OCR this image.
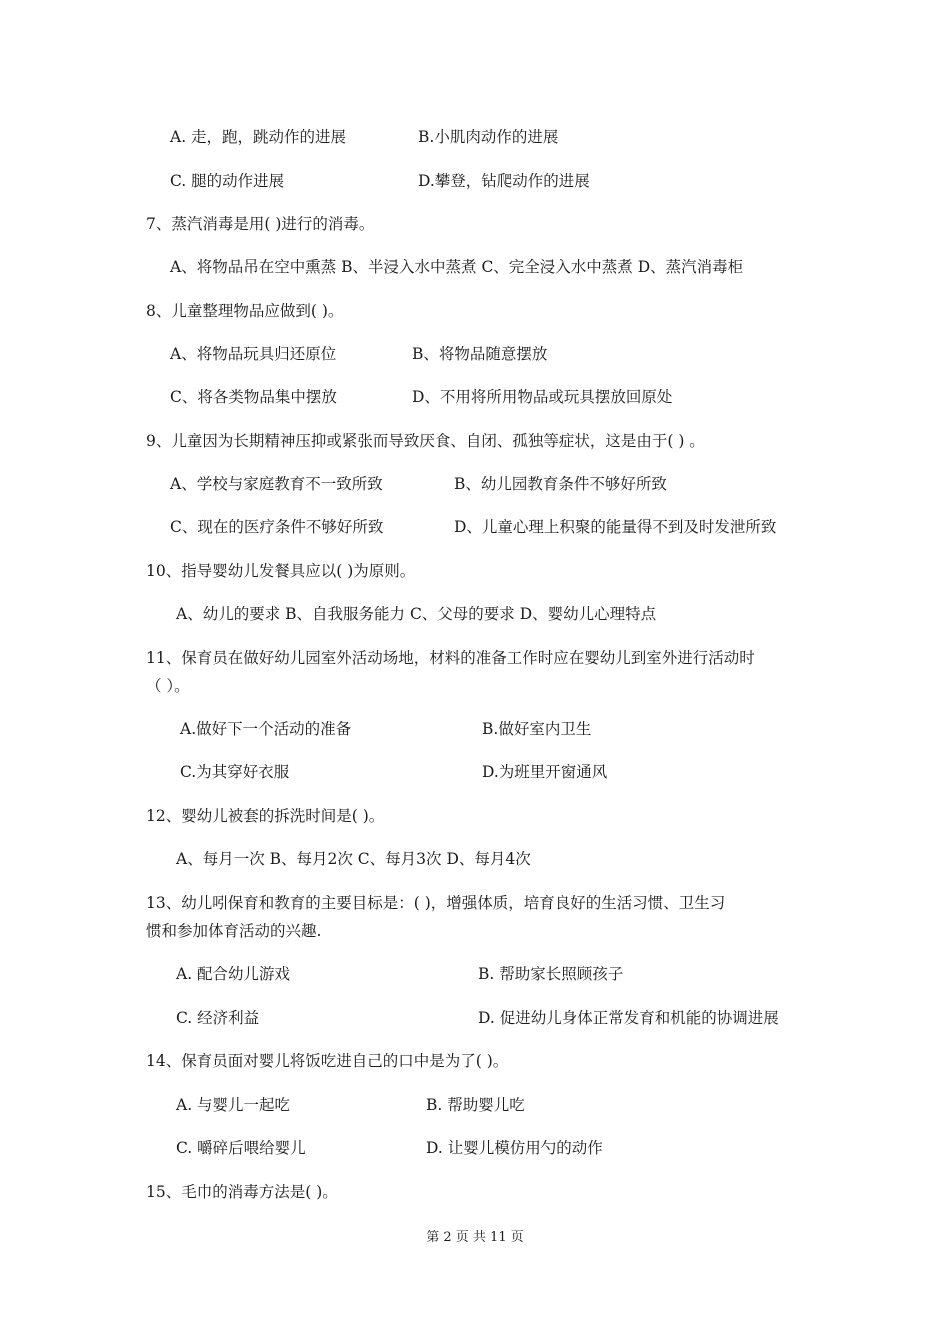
A. 走，跑，跳动作的进展	B.小肌肉动作的进展
C. 腿的动作进展	D.攀登，钻爬动作的进展
7、蒸汽消毒是用( )进行的消毒。
A、将物品吊在空中熏蒸 B、半浸入水中蒸煮 C、完全浸入水中蒸煮 D、蒸汽消毒柜
8、儿童整理物品应做到( )。
A、将物品玩具归还原位	B、将物品随意摆放
C、将各类物品集中摆放	D、不用将所用物品或玩具摆放回原处
9、儿童因为长期精神压抑或紧张而导致厌食、自闭、孤独等症状，这是由于( ) 。
A、学校与家庭教育不一致所致	B、幼儿园教育条件不够好所致
C、现在的医疗条件不够好所致	D、儿童心理上积聚的能量得不到及时发泄所致
10、指导婴幼儿发餐具应以( )为原则。
A、幼儿的要求 B、自我服务能力 C、父母的要求 D、婴幼儿心理特点
11、保育员在做好幼儿园室外活动场地，材料的准备工作时应在婴幼儿到室外进行活动时
（ ）。
A.做好下一个活动的准备	B.做好室内卫生
C.为其穿好衣服	D.为班里开窗通风
12、婴幼儿被套的拆洗时间是( )。
A、每月一次 B、每月2次 C、每月3次 D、每月4次
13、幼儿吲保育和教育的主要目标是：( )，增强体质，培育良好的生活习惯、卫生习
惯和参加体育活动的兴趣.
A. 配合幼儿游戏	B. 帮助家长照顾孩子
C. 经济利益	D. 促进幼儿身体正常发育和机能的协调进展
14、保育员面对婴儿将饭吃进自己的口中是为了( )。
A. 与婴儿一起吃	B. 帮助婴儿吃
C. 嚼碎后喂给婴儿	D. 让婴儿模仿用勺的动作
15、毛巾的消毒方法是( )。
第 2 页 共 11 页
